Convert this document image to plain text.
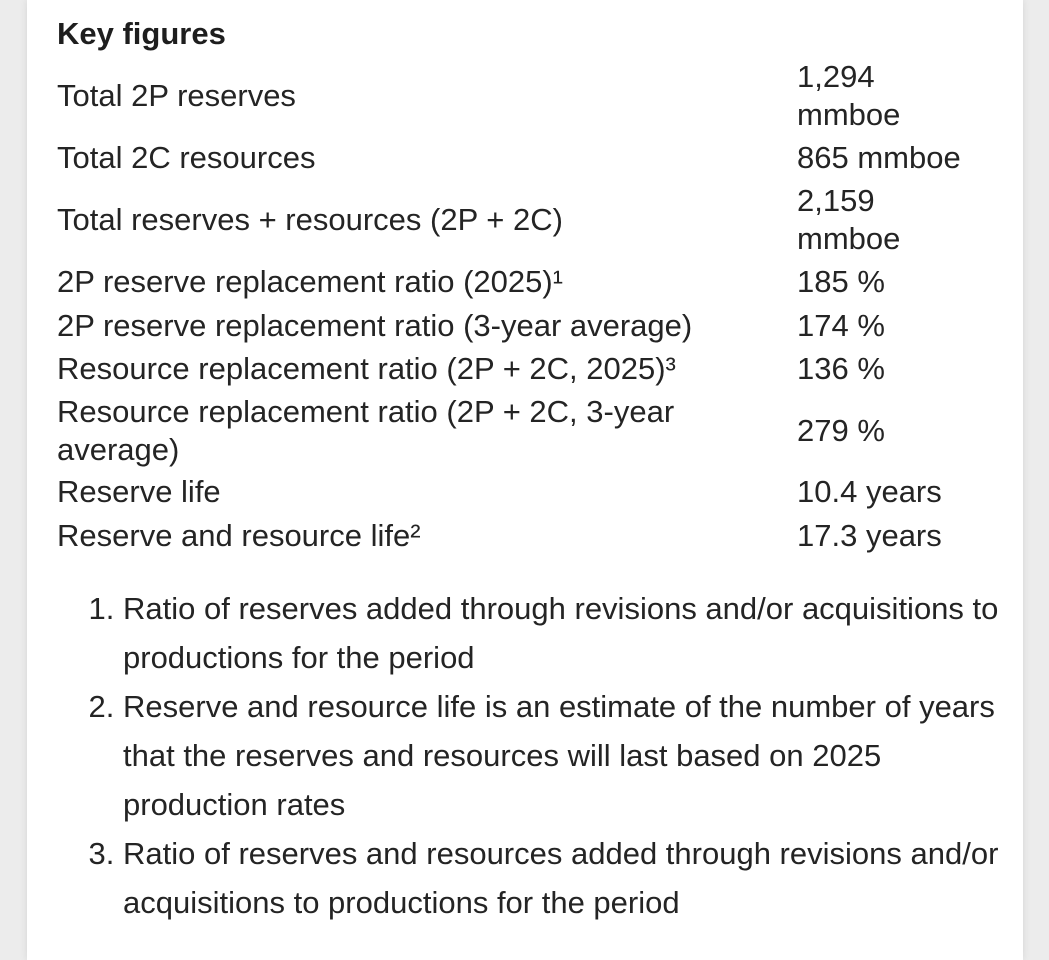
Key figures
Total 2P reserves	1,294 mmboe
Total 2C resources	865 mmboe
Total reserves + resources (2P + 2C)	2,159 mmboe
2P reserve replacement ratio (2025)¹	185 %
2P reserve replacement ratio (3-year average)	174 %
Resource replacement ratio (2P + 2C, 2025)³	136 %
Resource replacement ratio (2P + 2C, 3-year average)	279 %
Reserve life	10.4 years
Reserve and resource life²	17.3 years
1. Ratio of reserves added through revisions and/or acquisitions to productions for the period
2. Reserve and resource life is an estimate of the number of years that the reserves and resources will last based on 2025 production rates
3. Ratio of reserves and resources added through revisions and/or acquisitions to productions for the period
